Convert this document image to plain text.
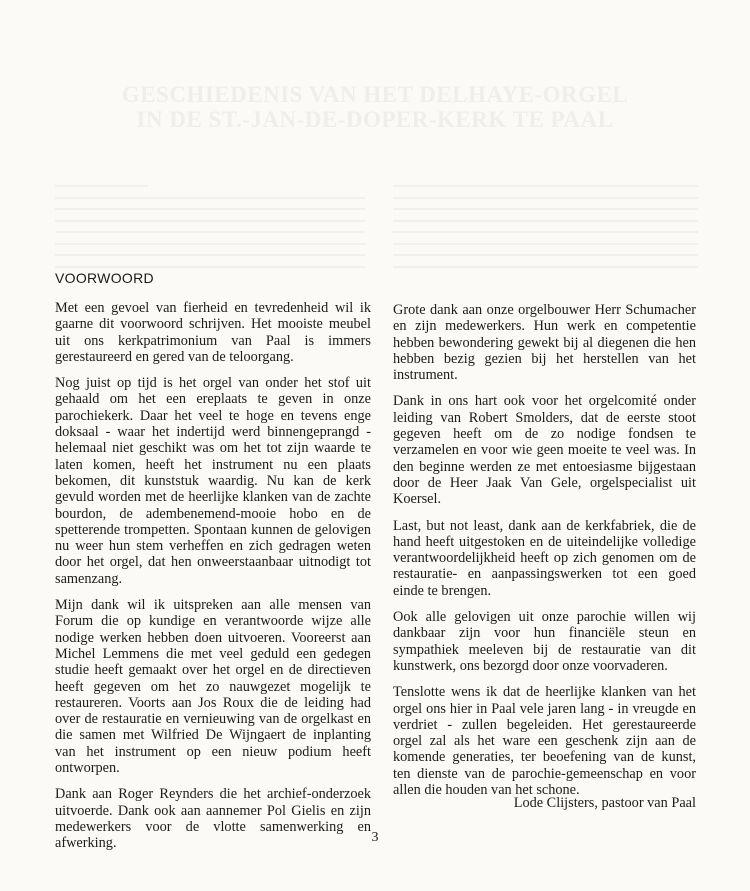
GESCHIEDENIS VAN HET DELHAYE-ORGEL IN DE ST.-JAN-DE-DOPER-KERK TE PAAL
VOORWOORD

Met een gevoel van fierheid en tevredenheid wil ik gaarne dit voorwoord schrijven. Het mooiste meubel uit ons kerkpatrimonium van Paal is immers gerestaureerd en gered van de teloorgang.

Nog juist op tijd is het orgel van onder het stof uit gehaald om het een ereplaats te geven in onze parochiekerk. Daar het veel te hoge en tevens enge doksaal - waar het indertijd werd binnengeprangd - helemaal niet geschikt was om het tot zijn waarde te laten komen, heeft het instrument nu een plaats bekomen, dit kunststuk waardig. Nu kan de kerk gevuld worden met de heerlijke klanken van de zachte bourdon, de adembenemend-mooie hobo en de spetterende trompetten. Spontaan kunnen de gelovigen nu weer hun stem verheffen en zich gedragen weten door het orgel, dat hen onweerstaanbaar uitnodigt tot samenzang.

Mijn dank wil ik uitspreken aan alle mensen van Forum die op kundige en verantwoorde wijze alle nodige werken hebben doen uitvoeren. Vooreerst aan Michel Lemmens die met veel geduld een gedegen studie heeft gemaakt over het orgel en de directieven heeft gegeven om het zo nauwgezet mogelijk te restaureren. Voorts aan Jos Roux die de leiding had over de restauratie en vernieuwing van de orgelkast en die samen met Wilfried De Wijngaert de inplanting van het instrument op een nieuw podium heeft ontworpen.

Dank aan Roger Reynders die het archief-onderzoek uitvoerde. Dank ook aan aannemer Pol Gielis en zijn medewerkers voor de vlotte samenwerking en afwerking.

Grote dank aan onze orgelbouwer Herr Schumacher en zijn medewerkers. Hun werk en competentie hebben bewondering gewekt bij al diegenen die hen hebben bezig gezien bij het herstellen van het instrument.

Dank in ons hart ook voor het orgelcomité onder leiding van Robert Smolders, dat de eerste stoot gegeven heeft om de zo nodige fondsen te verzamelen en voor wie geen moeite te veel was. In den beginne werden ze met entoesiasme bijgestaan door de Heer Jaak Van Gele, orgelspecialist uit Koersel.

Last, but not least, dank aan de kerkfabriek, die de hand heeft uitgestoken en de uiteindelijke volledige verantwoordelijkheid heeft op zich genomen om de restauratie- en aanpassingswerken tot een goed einde te brengen.

Ook alle gelovigen uit onze parochie willen wij dankbaar zijn voor hun financiële steun en sympathiek meeleven bij de restauratie van dit kunstwerk, ons bezorgd door onze voorvaderen.

Tenslotte wens ik dat de heerlijke klanken van het orgel ons hier in Paal vele jaren lang - in vreugde en verdriet - zullen begeleiden. Het gerestaureerde orgel zal als het ware een geschenk zijn aan de komende generaties, ter beoefening van de kunst, ten dienste van de parochie-gemeenschap en voor allen die houden van het schone.

Lode Clijsters, pastoor van Paal
3
